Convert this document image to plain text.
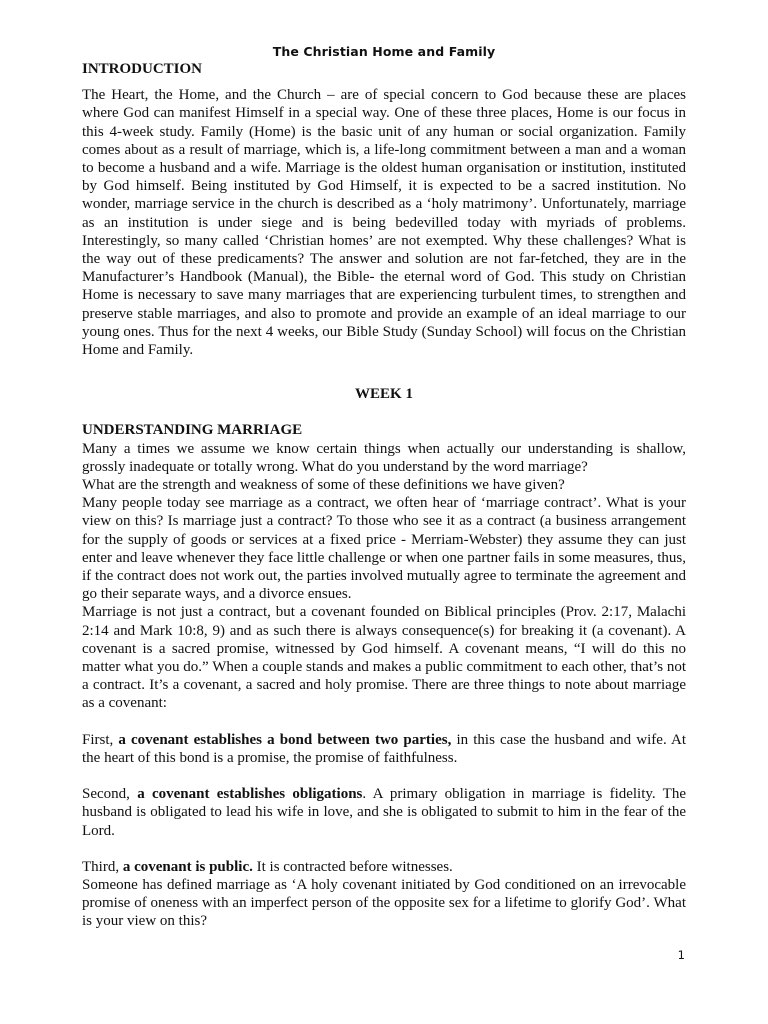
The Christian Home and Family

INTRODUCTION

The Heart, the Home, and the Church – are of special concern to God because these are places where God can manifest Himself in a special way. One of these three places, Home is our focus in this 4-week study. Family (Home) is the basic unit of any human or social organization. Family comes about as a result of marriage, which is, a life-long commitment between a man and a woman to become a husband and a wife. Marriage is the oldest human organisation or institution, instituted by God himself. Being instituted by God Himself, it is expected to be a sacred institution. No wonder, marriage service in the church is described as a ‘holy matrimony’. Unfortunately, marriage as an institution is under siege and is being bedevilled today with myriads of problems. Interestingly, so many called ‘Christian homes’ are not exempted. Why these challenges? What is the way out of these predicaments? The answer and solution are not far-fetched, they are in the Manufacturer’s Handbook (Manual), the Bible- the eternal word of God. This study on Christian Home is necessary to save many marriages that are experiencing turbulent times, to strengthen and preserve stable marriages, and also to promote and provide an example of an ideal marriage to our young ones. Thus for the next 4 weeks, our Bible Study (Sunday School) will focus on the Christian Home and Family.

WEEK 1

UNDERSTANDING MARRIAGE

Many a times we assume we know certain things when actually our understanding is shallow, grossly inadequate or totally wrong. What do you understand by the word marriage?

What are the strength and weakness of some of these definitions we have given?

Many people today see marriage as a contract, we often hear of ‘marriage contract’. What is your view on this? Is marriage just a contract? To those who see it as a contract (a business arrangement for the supply of goods or services at a fixed price - Merriam-Webster) they assume they can just enter and leave whenever they face little challenge or when one partner fails in some measures, thus, if the contract does not work out, the parties involved mutually agree to terminate the agreement and go their separate ways, and a divorce ensues.

Marriage is not just a contract, but a covenant founded on Biblical principles (Prov. 2:17, Malachi 2:14 and Mark 10:8, 9) and as such there is always consequence(s) for breaking it (a covenant). A covenant is a sacred promise, witnessed by God himself. A covenant means, “I will do this no matter what you do.” When a couple stands and makes a public commitment to each other, that’s not a contract. It’s a covenant, a sacred and holy promise. There are three things to note about marriage as a covenant:

First, a covenant establishes a bond between two parties, in this case the husband and wife. At the heart of this bond is a promise, the promise of faithfulness.

Second, a covenant establishes obligations. A primary obligation in marriage is fidelity. The husband is obligated to lead his wife in love, and she is obligated to submit to him in the fear of the Lord.

Third, a covenant is public. It is contracted before witnesses.

Someone has defined marriage as ‘A holy covenant initiated by God conditioned on an irrevocable promise of oneness with an imperfect person of the opposite sex for a lifetime to glorify God’. What is your view on this?

1
